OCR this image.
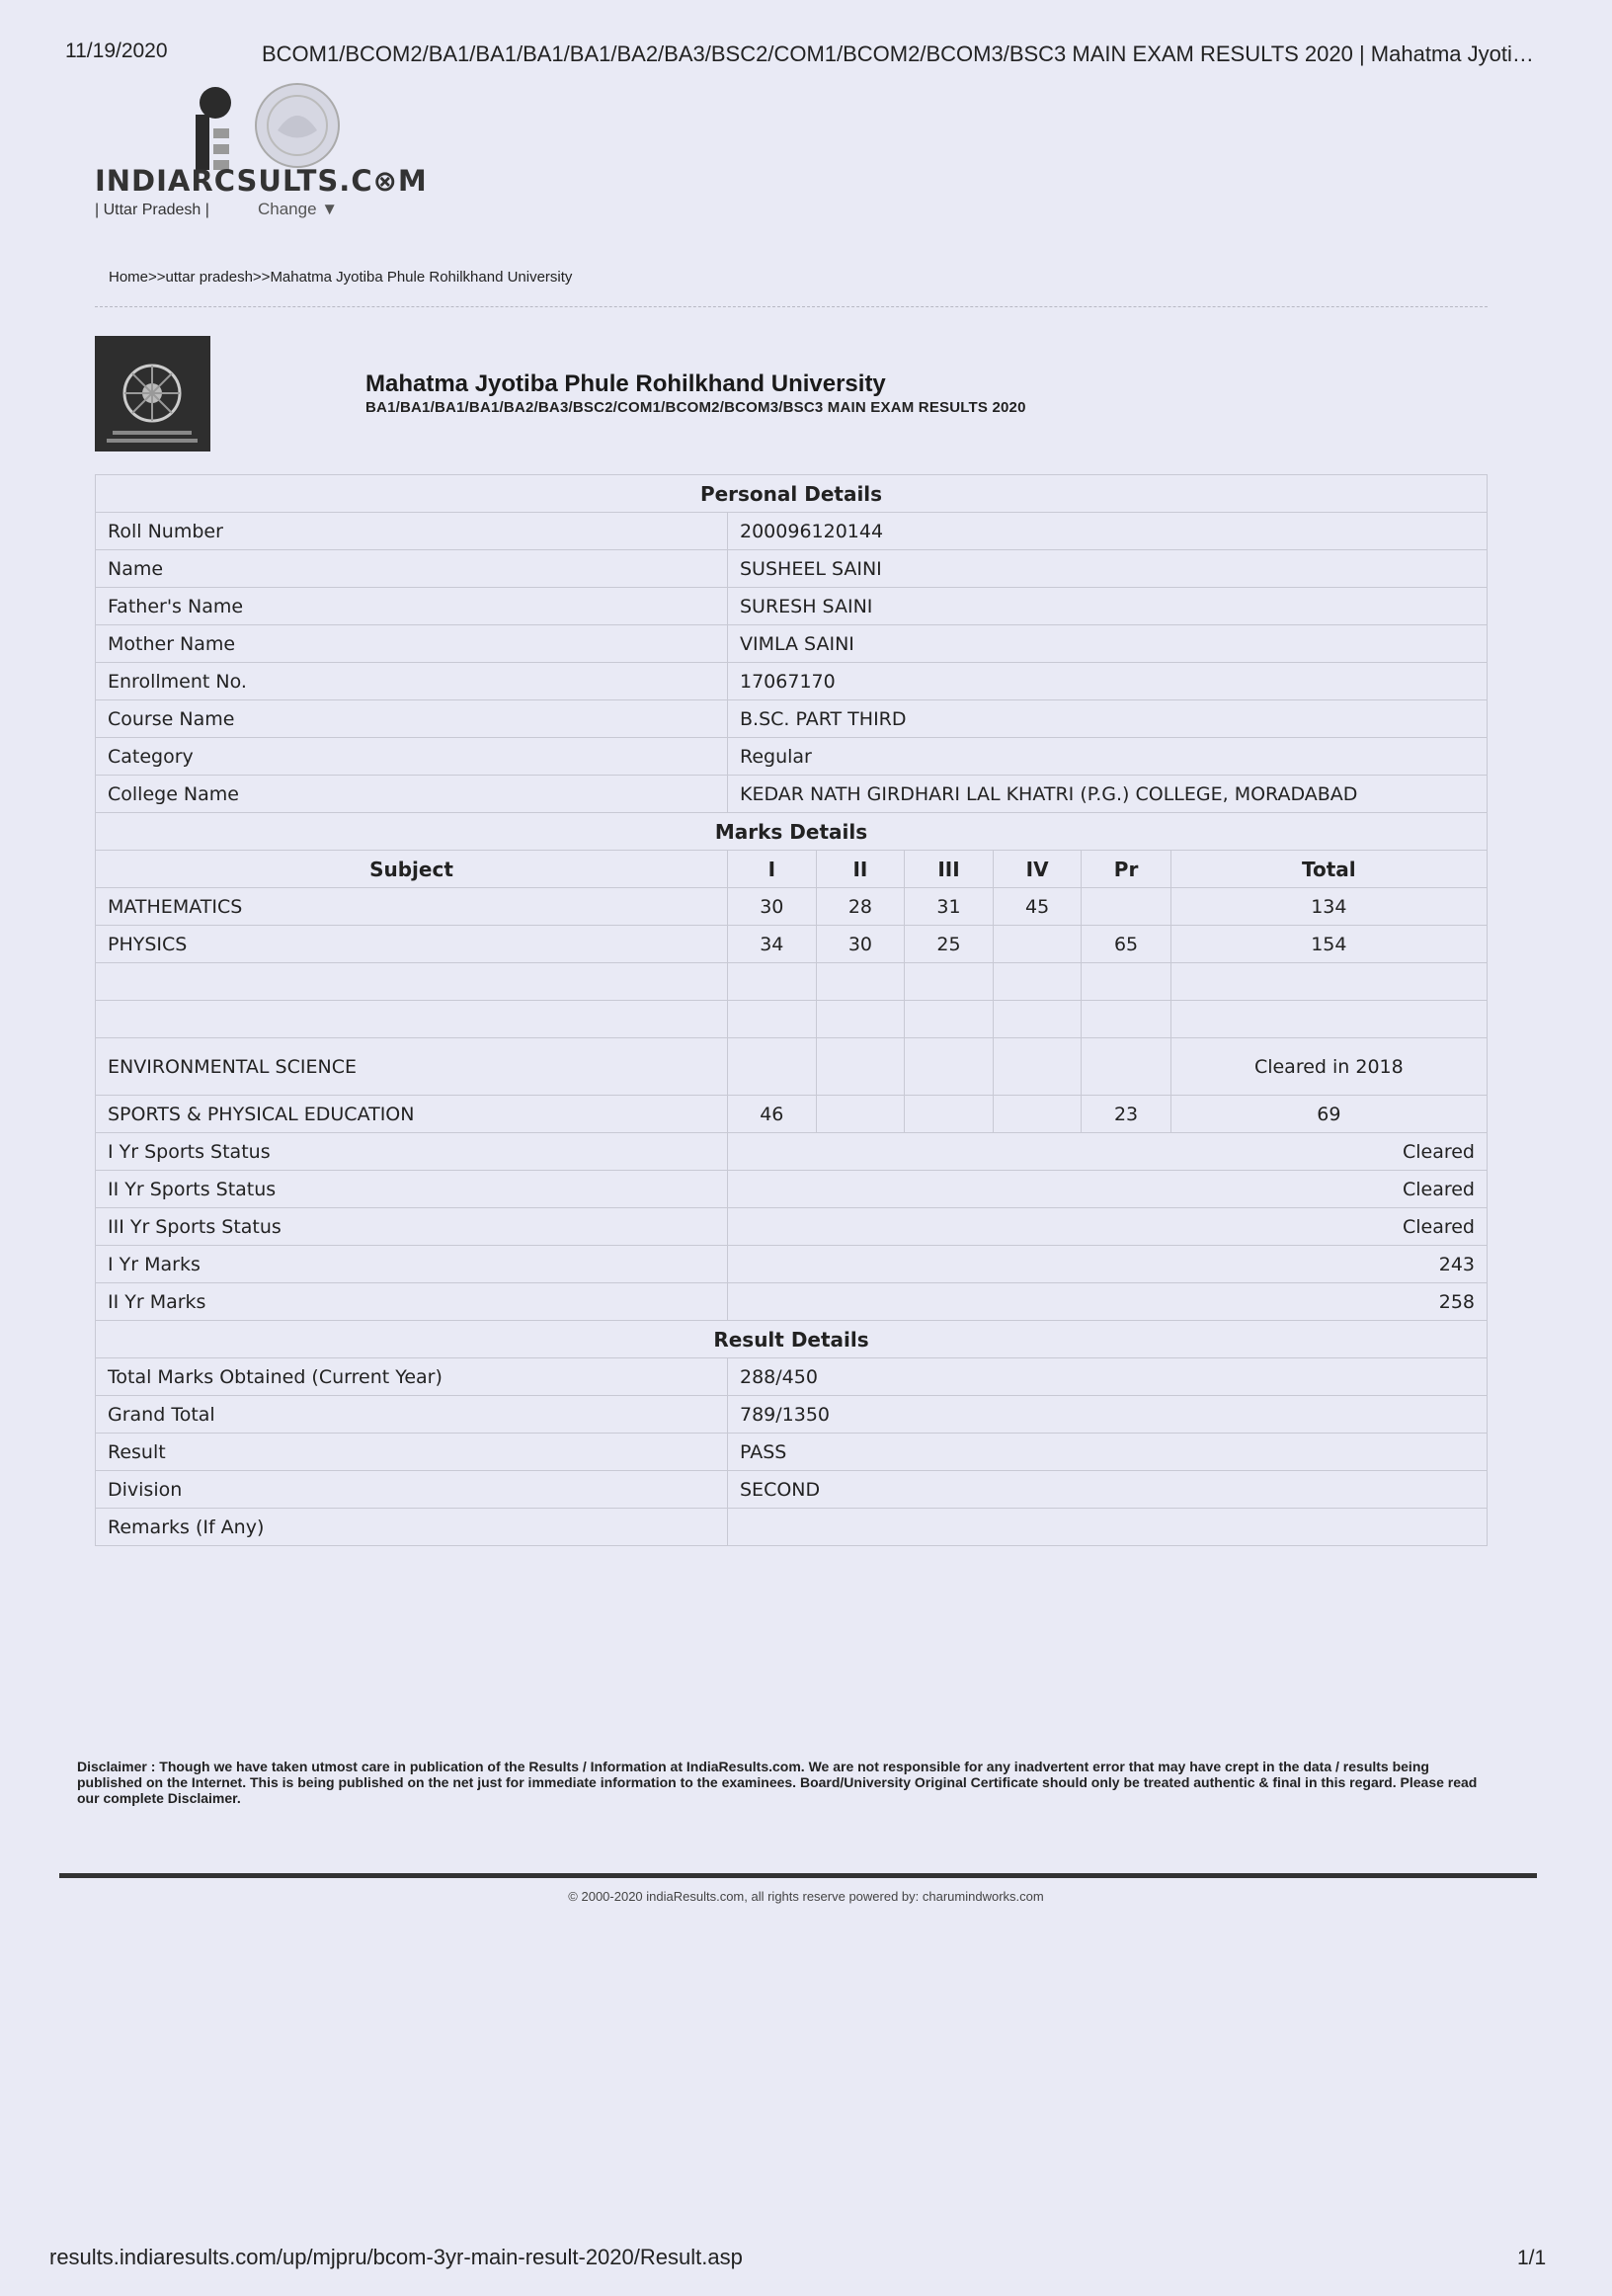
11/19/2020	BCOM1/BCOM2/BA1/BA1/BA1/BA1/BA2/BA3/BSC2/COM1/BCOM2/BCOM3/BSC3 MAIN EXAM RESULTS 2020 | Mahatma Jyoti…
INDIARCSULTS.C⊗M
| Uttar Pradesh |	Change ▼
Home>>uttar pradesh>>Mahatma Jyotiba Phule Rohilkhand University
Mahatma Jyotiba Phule Rohilkhand University
BA1/BA1/BA1/BA1/BA2/BA3/BSC2/COM1/BCOM2/BCOM3/BSC3 MAIN EXAM RESULTS 2020
Personal Details						
Roll Number	200096120144					
Name	SUSHEEL SAINI					
Father's Name	SURESH SAINI					
Mother Name	VIMLA SAINI					
Enrollment No.	17067170					
Course Name	B.SC. PART THIRD					
Category	Regular					
College Name	KEDAR NATH GIRDHARI LAL KHATRI (P.G.) COLLEGE, MORADABAD					
Marks Details						
Subject	I	II	III	IV	Pr	Total
MATHEMATICS	30	28	31	45		134
PHYSICS	34	30	25		65	154

ENVIRONMENTAL SCIENCE						Cleared in 2018
SPORTS & PHYSICAL EDUCATION	46				23	69
I Yr Sports Status	Cleared					
II Yr Sports Status	Cleared					
III Yr Sports Status	Cleared					
I Yr Marks	243					
II Yr Marks	258					
Result Details						
Total Marks Obtained (Current Year)	288/450					
Grand Total	789/1350					
Result	PASS					
Division	SECOND					
Remarks (If Any)						
Disclaimer : Though we have taken utmost care in publication of the Results / Information at IndiaResults.com. We are not responsible for any inadvertent error that may have crept in the data / results being published on the Internet. This is being published on the net just for immediate information to the examinees. Board/University Original Certificate should only be treated authentic & final in this regard. Please read our complete Disclaimer.
© 2000-2020 indiaResults.com, all rights reserve powered by: charumindworks.com
results.indiaresults.com/up/mjpru/bcom-3yr-main-result-2020/Result.asp	1/1
